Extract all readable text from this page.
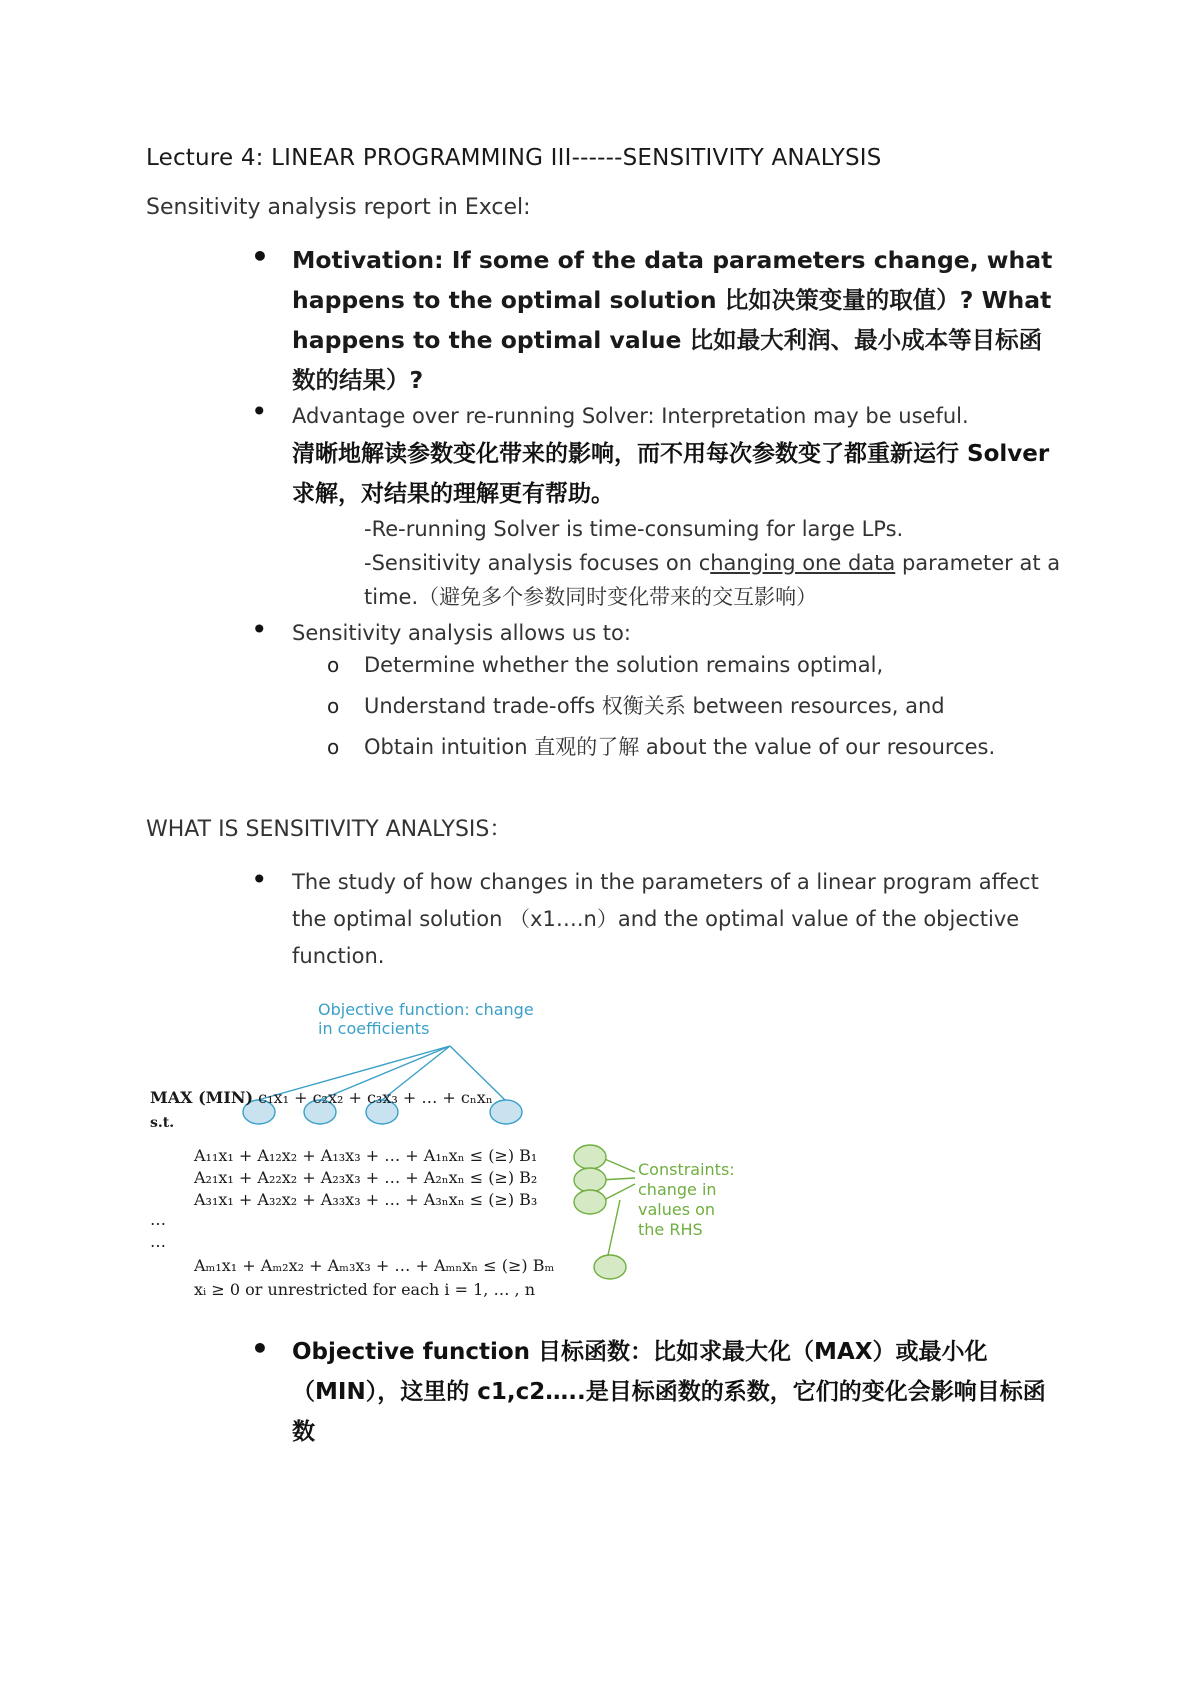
Lecture 4: LINEAR PROGRAMMING III------SENSITIVITY ANALYSIS
Sensitivity analysis report in Excel:
• Motivation: If some of the data parameters change, what happens to the optimal solution 比如决策变量的取值）? What happens to the optimal value 比如最大利润、最小成本等目标函数的结果）?
• Advantage over re-running Solver: Interpretation may be useful.
清晰地解读参数变化带来的影响，而不用每次参数变了都重新运行 Solver 求解，对结果的理解更有帮助。
-Re-running Solver is time-consuming for large LPs.
-Sensitivity analysis focuses on changing one data parameter at a time.（避免多个参数同时变化带来的交互影响）
• Sensitivity analysis allows us to:
o Determine whether the solution remains optimal,
o Understand trade-offs 权衡关系 between resources, and
o Obtain intuition 直观的了解 about the value of our resources.
WHAT IS SENSITIVITY ANALYSIS：
• The study of how changes in the parameters of a linear program affect the optimal solution （x1….n）and the optimal value of the objective function.
Objective function: change
in coefficients
MAX (MIN) c₁x₁ + c₂x₂ + c₃x₃ + … + cₙxₙ
s.t.
A₁₁x₁ + A₁₂x₂ + A₁₃x₃ + … + A₁ₙxₙ ≤ (≥) B₁
A₂₁x₁ + A₂₂x₂ + A₂₃x₃ + … + A₂ₙxₙ ≤ (≥) B₂
A₃₁x₁ + A₃₂x₂ + A₃₃x₃ + … + A₃ₙxₙ ≤ (≥) B₃
…
…
Aₘ₁x₁ + Aₘ₂x₂ + Aₘ₃x₃ + … + Aₘₙxₙ ≤ (≥) Bₘ
xᵢ ≥ 0 or unrestricted for each i = 1, … , n
Constraints:
change in
values on
the RHS
• Objective function 目标函数：比如求最大化（MAX）或最小化（MIN），这里的 c1,c2…..是目标函数的系数，它们的变化会影响目标函数
